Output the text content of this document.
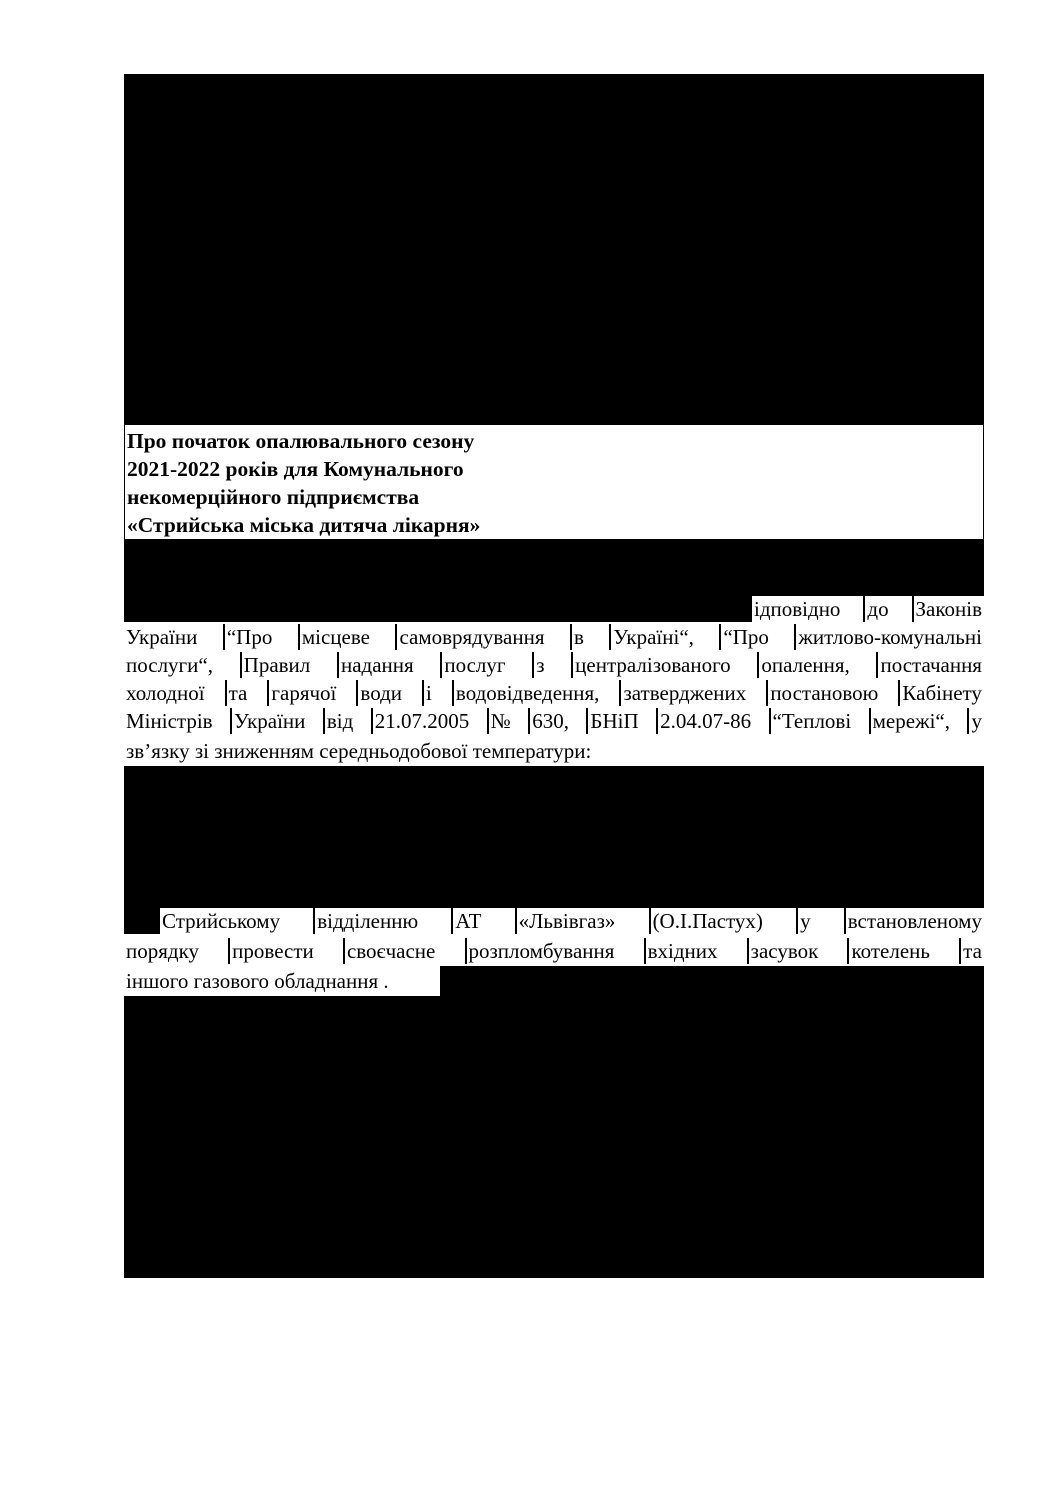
Про початок опалювального сезону
2021-2022 років для Комунального
некомерційного підприємства
«Стрийська міська дитяча лікарня»
ідповідно до Законів
України “Про місцеве самоврядування в Україні“, “Про житлово-комунальні
послуги“, Правил надання послуг з централізованого опалення, постачання
холодної та гарячої води і водовідведення, затверджених постановою Кабінету
Міністрів України від 21.07.2005 № 630, БНіП 2.04.07-86 “Теплові мережі“, у
зв’язку зі зниженням середньодобової температури:
Стрийському відділенню АТ «Львівгаз» (О.І.Пастух) у встановленому
порядку провести своєчасне розпломбування вхідних засувок котелень та
іншого газового обладнання .
